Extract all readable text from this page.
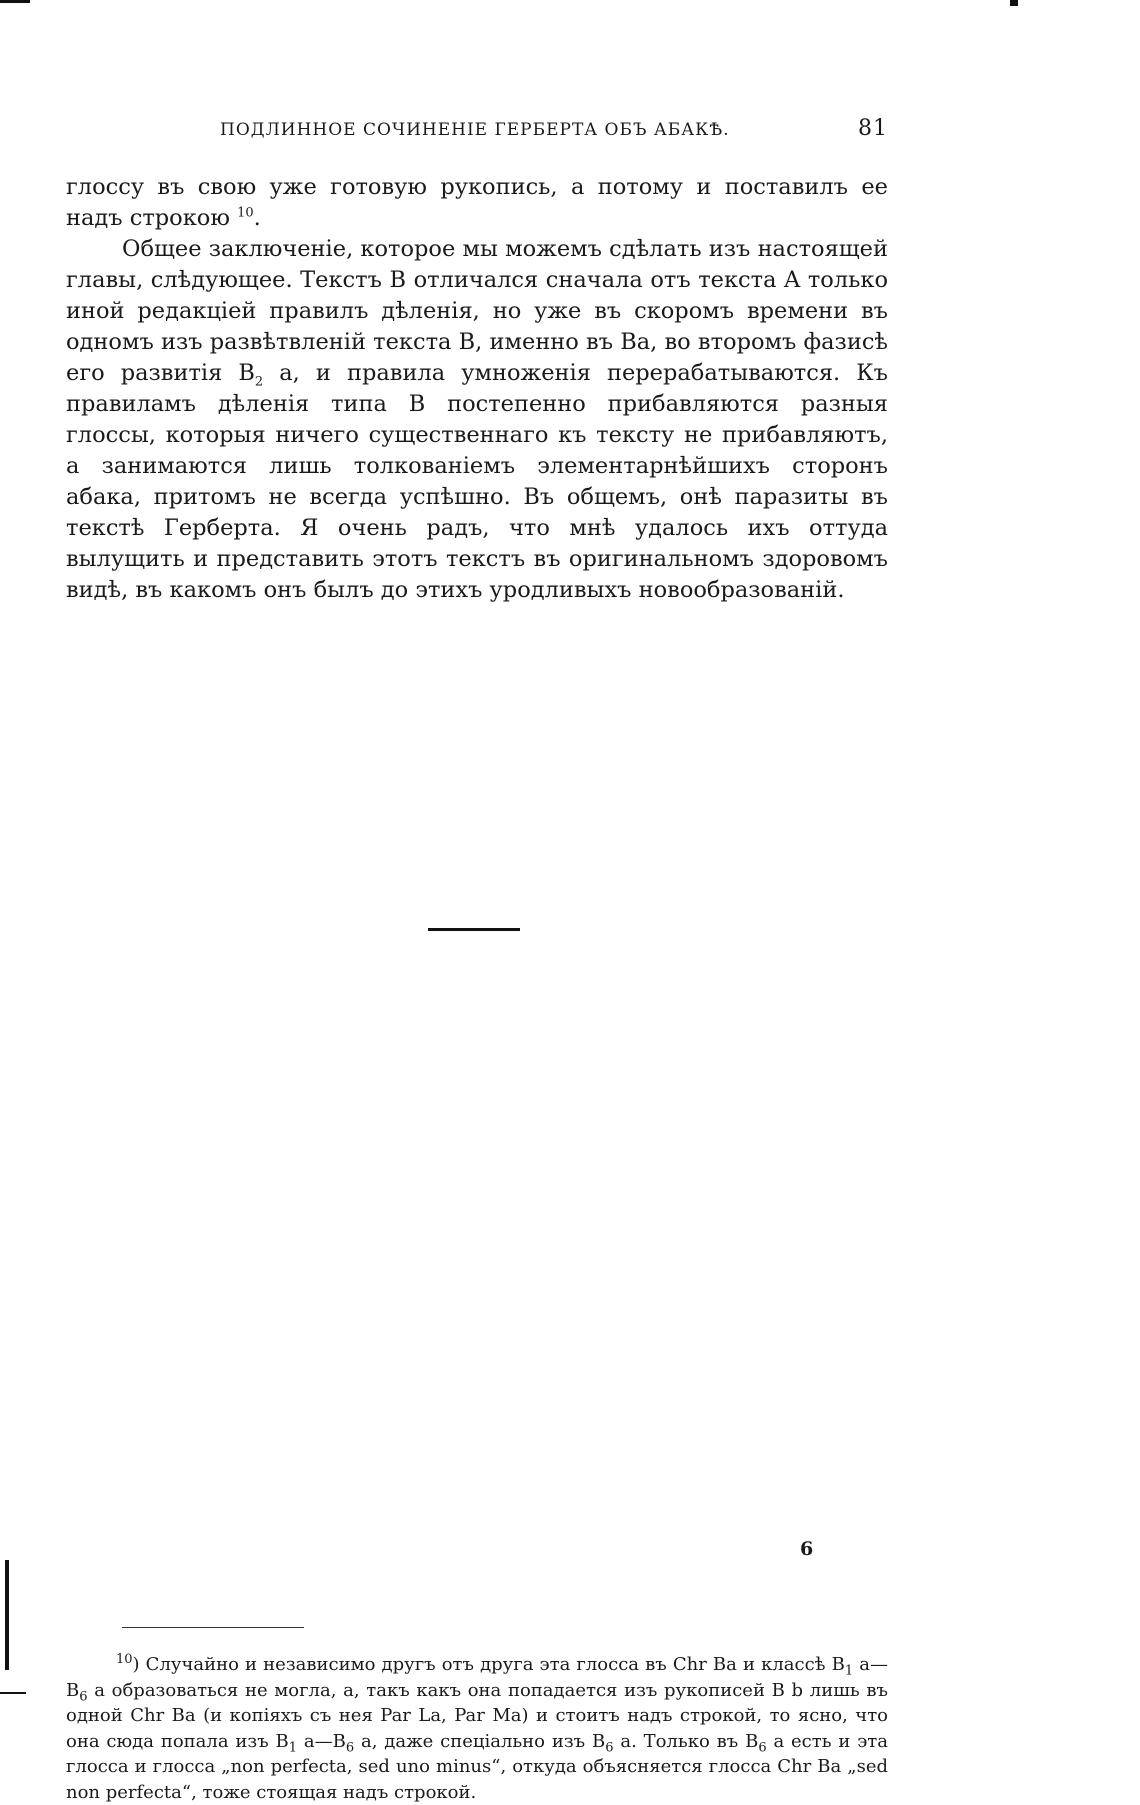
ПОДЛИННОЕ СОЧИНЕНІЕ ГЕРБЕРТА ОБЪ АБАКѢ.	81

глоссу въ свою уже готовую рукопись, а потому и поставилъ ее надъ строкою $^{10}$.

Общее заключеніе, которое мы можемъ сдѣлать изъ настоящей главы, слѣдующее. Текстъ B отличался сначала отъ текста A только иной редакціей правилъ дѣленія, но уже въ скоромъ времени въ одномъ изъ развѣтвленій текста B, именно въ Ba, во второмъ фазисѣ его развитія $B_2$ a, и правила умноженія перерабатываются. Къ правиламъ дѣленія типа B постепенно прибавляются разныя глоссы, которыя ничего существеннаго къ тексту не прибавляютъ, а занимаются лишь толкованіемъ элементарнѣйшихъ сторонъ абака, притомъ не всегда успѣшно. Въ общемъ, онѣ паразиты въ текстѣ Герберта. Я очень радъ, что мнѣ удалось ихъ оттуда вылущить и представить этотъ текстъ въ оригинальномъ здоровомъ видѣ, въ какомъ онъ былъ до этихъ уродливыхъ новообразованій.

$^{10}$) Случайно и независимо другъ отъ друга эта глосса въ Chr Ba и классѣ $B_1$ $a—B_6$ a образоваться не могла, а, такъ какъ она попадается изъ рукописей B b лишь въ одной Chr Ba (и копіяхъ съ нея Par La, Par Ma) и стоитъ надъ строкой, то ясно, что она сюда попала изъ $B_1$ $a—B_6$ a, даже спеціально изъ $B_6$ a. Только въ $B_6$ a есть и эта глосса и глосса „non perfecta, sed uno minus“, откуда объясняется глосса Chr Ba „sed non perfecta“, тоже стоящая надъ строкой.

6
